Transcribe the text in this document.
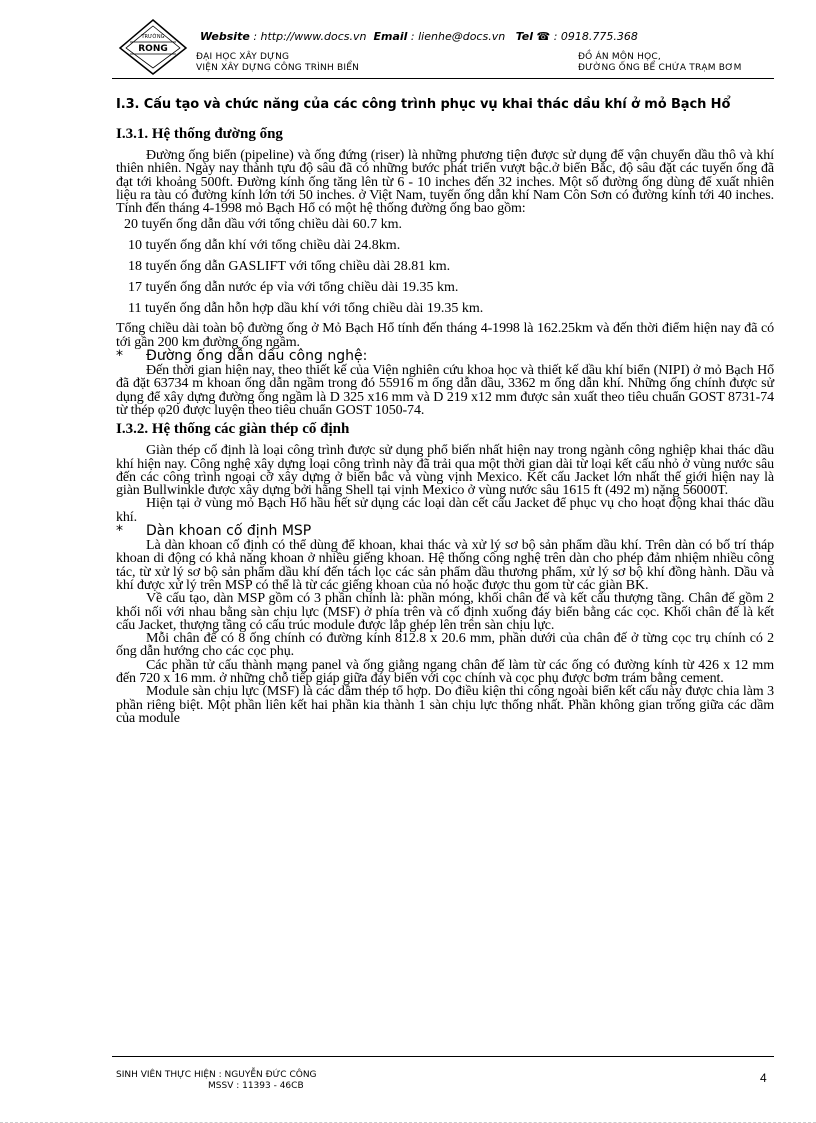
Website : http://www.docs.vn Email : lienhe@docs.vn Tel ☎ : 0918.775.368
TRƯỜNG
RONG
ĐẠI HỌC XÂY DỰNG
VIỆN XÂY DỰNG CÔNG TRÌNH BIỂN
ĐỒ ÁN MÔN HỌC,
ĐƯỜNG ỐNG BỂ CHỨA TRẠM BƠM
I.3. Cấu tạo và chức năng của các công trình phục vụ khai thác dầu khí ở mỏ Bạch Hổ
I.3.1. Hệ thống đường ống

Đường ống biển (pipeline) và ống đứng (riser) là những phương tiện được sử dụng để vận chuyển dầu thô và khí thiên nhiên. Ngày nay thành tựu độ sâu đã có những bước phát triển vượt bậc.ở biển Bắc, độ sâu đặt các tuyến ống đã đạt tới khoảng 500ft. Đường kính ống tăng lên từ 6 - 10 inches đến 32 inches. Một số đường ống dùng để xuất nhiên liệu ra tàu có đường kính lớn tới 50 inches. ở Việt Nam, tuyến ống dẫn khí Nam Côn Sơn có đường kính tới 40 inches. Tính đến tháng 4-1998 mỏ Bạch Hổ có một hệ thống đường ống bao gồm:

20 tuyến ống dẫn dầu với tổng chiều dài 60.7 km.
10 tuyến ống dẫn khí với tổng chiều dài 24.8km.
18 tuyến ống dẫn GASLIFT với tổng chiều dài 28.81 km.
17 tuyến ống dẫn nước ép vỉa với tổng chiều dài 19.35 km.
11 tuyến ống dẫn hỗn hợp dầu khí với tổng chiều dài 19.35 km.

Tổng chiều dài toàn bộ đường ống ở Mỏ Bạch Hổ tính đến tháng 4-1998 là 162.25km và đến thời điểm hiện nay đã có tới gần 200 km đường ống ngầm.

* Đường ống dẫn dầu công nghệ:

Đến thời gian hiện nay, theo thiết kế của Viện nghiên cứu khoa học và thiết kế dầu khí biển (NIPI) ở mỏ Bạch Hổ đã đặt 63734 m khoan ống dẫn ngầm trong đó 55916 m ống dẫn dầu, 3362 m ống dẫn khí. Những ống chính được sử dụng để xây dựng đường ống ngầm là D 325 x16 mm và D 219 x12 mm được sản xuất theo tiêu chuẩn GOST 8731-74 từ thép φ20 được luyện theo tiêu chuẩn GOST 1050-74.

I.3.2. Hệ thống các giàn thép cố định

Giàn thép cố định là loại công trình được sử dụng phổ biến nhất hiện nay trong ngành công nghiệp khai thác dầu khí hiện nay. Công nghệ xây dựng loại công trình này đã trải qua một thời gian dài từ loại kết cấu nhỏ ở vùng nước sâu đến các công trình ngoại cỡ xây dựng ở biển bắc và vùng vịnh Mexico. Kết cấu Jacket lớn nhất thế giới hiện nay là giàn Bullwinkle được xây dựng bởi hãng Shell tại vịnh Mexico ở vùng nước sâu 1615 ft (492 m) nặng 56000T.

Hiện tại ở vùng mỏ Bạch Hổ hầu hết sử dụng các loại dàn cết cấu Jacket để phục vụ cho hoạt động khai thác dầu khí.

* Dàn khoan cố định MSP

Là dàn khoan cố định có thể dùng để khoan, khai thác và xử lý sơ bộ sản phẩm dầu khí. Trên dàn có bố trí tháp khoan di động có khả năng khoan ở nhiều giếng khoan. Hệ thống công nghệ trên dàn cho phép đảm nhiệm nhiều công tác, từ xử lý sơ bộ sản phẩm dầu khí đến tách lọc các sản phẩm dầu thương phẩm, xử lý sơ bộ khí đồng hành. Dầu và khí được xử lý trên MSP có thể là từ các giếng khoan của nó hoặc được thu gom từ các giàn BK.

Về cấu tạo, dàn MSP gồm có 3 phần chính là: phần móng, khối chân đế và kết cấu thượng tầng. Chân đế gồm 2 khối nối với nhau bằng sàn chịu lực (MSF) ở phía trên và cố định xuống đáy biển bằng các cọc. Khối chân đế là kết cấu Jacket, thượng tầng có cấu trúc module được lắp ghép lên trên sàn chịu lực.

Mỗi chân đế có 8 ống chính có đường kính 812.8 x 20.6 mm, phần dưới của chân đế ở từng cọc trụ chính có 2 ống dẫn hướng cho các cọc phụ.

Các phần tử cấu thành mạng panel và ống giằng ngang chân đế làm từ các ống có đường kính từ 426 x 12 mm đến 720 x 16 mm. ở những chỗ tiếp giáp giữa đáy biển với cọc chính và cọc phụ được bơm trám bằng cement.

Module sàn chịu lực (MSF) là các dầm thép tổ hợp. Do điều kiện thi công ngoài biển kết cấu này được chia làm 3 phần riêng biệt. Một phần liên kết hai phần kia thành 1 sàn chịu lực thống nhất. Phần không gian trống giữa các dầm của module

SINH VIÊN THỰC HIỆN : NGUYỄN ĐỨC CÔNG
MSSV : 11393 - 46CB
4
